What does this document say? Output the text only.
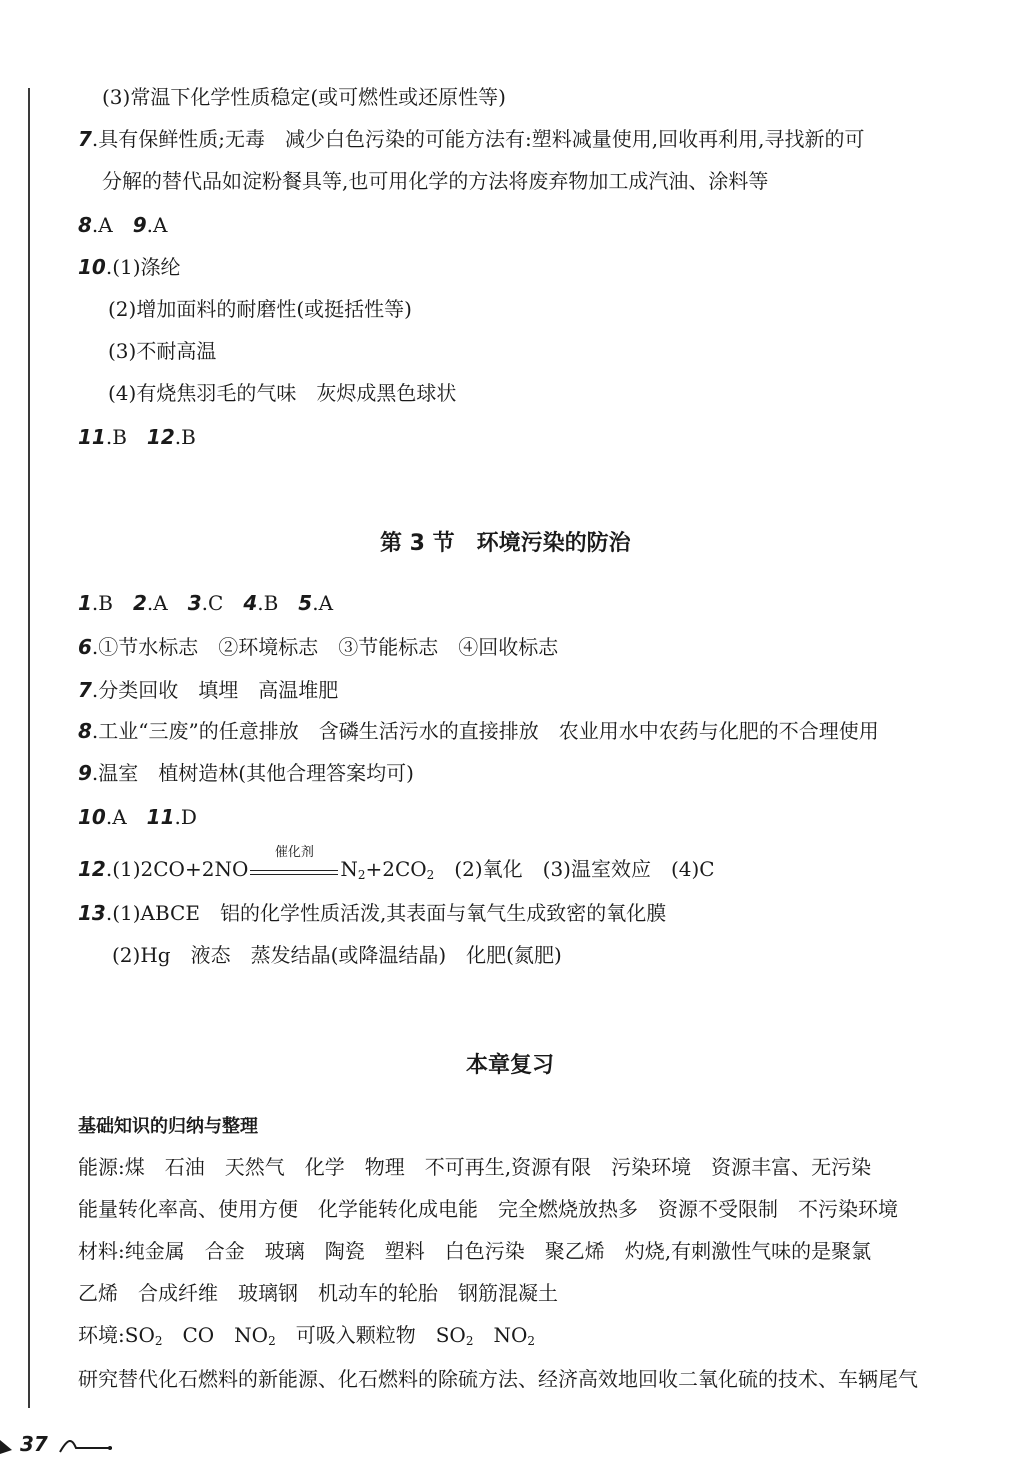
(3)常温下化学性质稳定(或可燃性或还原性等)
7.具有保鲜性质;无毒　减少白色污染的可能方法有:塑料减量使用,回收再利用,寻找新的可
分解的替代品如淀粉餐具等,也可用化学的方法将废弃物加工成汽油、涂料等
8.A　 9.A
10.(1)涤纶
(2)增加面料的耐磨性(或挺括性等)
(3)不耐高温
(4)有烧焦羽毛的气味　灰烬成黑色球状
11.B　 12.B
第 3 节　环境污染的防治
1.B　 2.A　 3.C　 4.B　 5.A
6.①节水标志　②环境标志　③节能标志　④回收标志
7.分类回收　填埋　高温堆肥
8.工业“三废”的任意排放　含磷生活污水的直接排放　农业用水中农药与化肥的不合理使用
9.温室　植树造林(其他合理答案均可)
10.A　 11.D
12.(1)2CO+2NO
催化剂
$N_2+2CO_2$　(2)氧化　(3)温室效应　(4)C
13.(1)ABCE　铝的化学性质活泼,其表面与氧气生成致密的氧化膜
(2)Hg　液态　蒸发结晶(或降温结晶)　化肥(氮肥)
本章复习
基础知识的归纳与整理
能源:煤　石油　天然气　化学　物理　不可再生,资源有限　污染环境　资源丰富、无污染
能量转化率高、使用方便　化学能转化成电能　完全燃烧放热多　资源不受限制　不污染环境
材料:纯金属　合金　玻璃　陶瓷　塑料　白色污染　聚乙烯　灼烧,有刺激性气味的是聚氯
乙烯　合成纤维　玻璃钢　机动车的轮胎　钢筋混凝土
环境$:SO_2$　CO　$NO_2$　可吸入颗粒物　$SO_2$　$NO_2$
研究替代化石燃料的新能源、化石燃料的除硫方法、经济高效地回收二氧化硫的技术、车辆尾气
37
